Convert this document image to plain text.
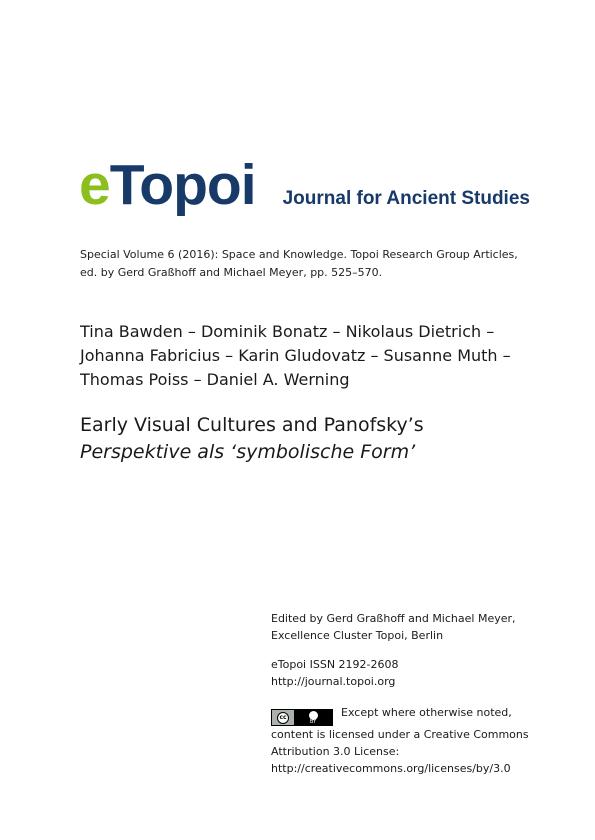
e Topoi Journal for Ancient Studies
Special Volume 6 (2016): Space and Knowledge. Topoi Research Group Articles, ed. by Gerd Graßhoff and Michael Meyer, pp. 525–570.
Tina Bawden – Dominik Bonatz – Nikolaus Dietrich – Johanna Fabricius – Karin Gludovatz – Susanne Muth – Thomas Poiss – Daniel A. Werning
Early Visual Cultures and Panofsky’s
Perspektive als ‘symbolische Form’
Edited by Gerd Graßhoff and Michael Meyer,
Excellence Cluster Topoi, Berlin
eTopoi ISSN 2192-2608
http://journal.topoi.org
cc
BY
Except where otherwise noted,
content is licensed under a Creative Commons
Attribution 3.0 License:
http://creativecommons.org/licenses/by/3.0
